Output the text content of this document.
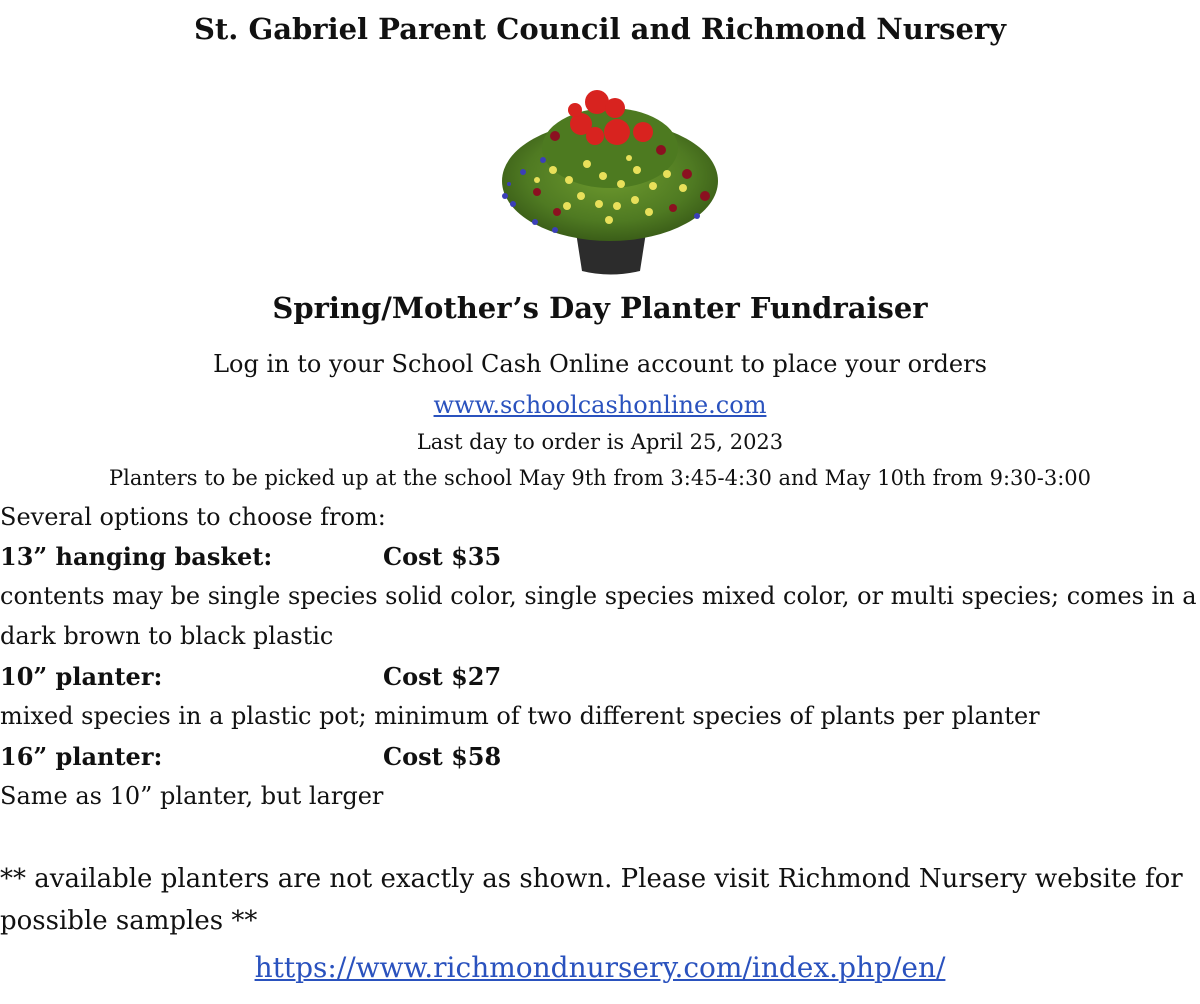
St. Gabriel Parent Council and Richmond Nursery
Spring/Mother’s Day Planter Fundraiser
Log in to your School Cash Online account to place your orders
www.schoolcashonline.com
Last day to order is April 25, 2023
Planters to be picked up at the school May 9th from 3:45-4:30 and May 10th from 9:30-3:00
Several options to choose from:
13” hanging basket:	Cost $35
contents may be single species solid color, single species mixed color, or multi species; comes in a
dark brown to black plastic
10” planter:	Cost $27
mixed species in a plastic pot; minimum of two different species of plants per planter
16” planter:	Cost $58
Same as 10” planter, but larger
** available planters are not exactly as shown. Please visit Richmond Nursery website for
possible samples **
https://www.richmondnursery.com/index.php/en/
